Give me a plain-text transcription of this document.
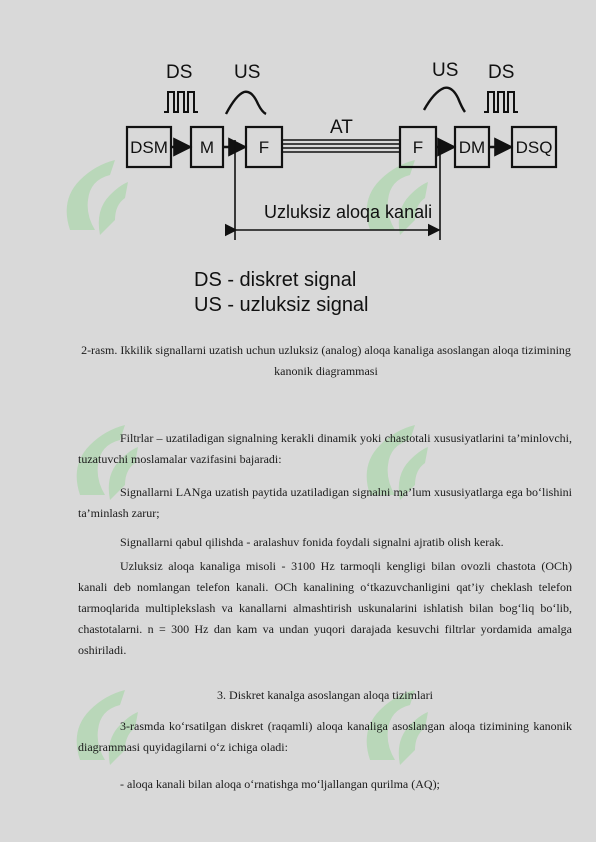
DS US	US DS
DSM M	F	F DM DSQ
AT
Uzluksiz aloqa kanali
DS - diskret signal
US - uzluksiz signal
2-rasm. Ikkilik signallarni uzatish uchun uzluksiz (analog) aloqa kanaliga asoslangan aloqa tizimining kanonik diagrammasi
Filtrlar – uzatiladigan signalning kerakli dinamik yoki chastotali xususiyatlarini ta’minlovchi, tuzatuvchi moslamalar vazifasini bajaradi:
Signallarni LANga uzatish paytida uzatiladigan signalni ma’lum xususiyatlarga ega bo‘lishini ta’minlash zarur;
Signallarni qabul qilishda - aralashuv fonida foydali signalni ajratib olish kerak.
Uzluksiz aloqa kanaliga misoli - 3100 Hz tarmoqli kengligi bilan ovozli chastota (OCh) kanali deb nomlangan telefon kanali. OCh kanalining o‘tkazuvchanligini qat’iy cheklash telefon tarmoqlarida multiplekslash va kanallarni almashtirish uskunalarini ishlatish bilan bog‘liq bo‘lib, chastotalarni. n = 300 Hz dan kam va undan yuqori darajada kesuvchi filtrlar yordamida amalga oshiriladi.
3. Diskret kanalga asoslangan aloqa tizimlari
3-rasmda ko‘rsatilgan diskret (raqamli) aloqa kanaliga asoslangan aloqa tizimining kanonik diagrammasi quyidagilarni o‘z ichiga oladi:
- aloqa kanali bilan aloqa o‘rnatishga mo‘ljallangan qurilma (AQ);
